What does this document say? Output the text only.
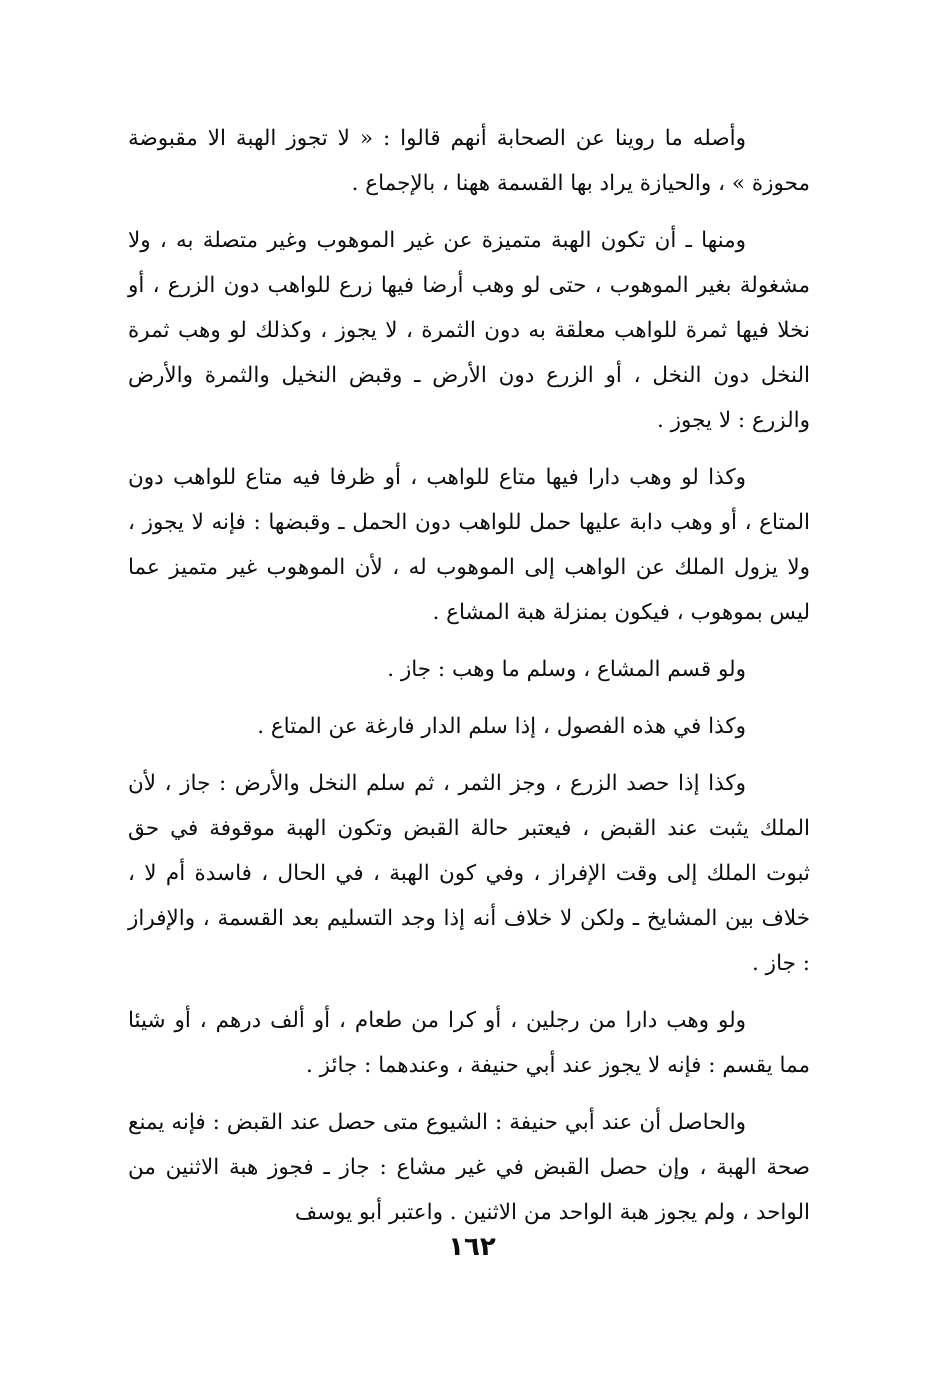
وأصله ما روينا عن الصحابة أنهم قالوا : « لا تجوز الهبة الا مقبوضة محوزة » ، والحيازة يراد بها القسمة ههنا ، بالإجماع .

ومنها ـ أن تكون الهبة متميزة عن غير الموهوب وغير متصلة به ، ولا مشغولة بغير الموهوب ، حتى لو وهب أرضا فيها زرع للواهب دون الزرع ، أو نخلا فيها ثمرة للواهب معلقة به دون الثمرة ، لا يجوز ، وكذلك لو وهب ثمرة النخل دون النخل ، أو الزرع دون الأرض ـ وقبض النخيل والثمرة والأرض والزرع : لا يجوز .

وكذا لو وهب دارا فيها متاع للواهب ، أو ظرفا فيه متاع للواهب دون المتاع ، أو وهب دابة عليها حمل للواهب دون الحمل ـ وقبضها : فإنه لا يجوز ، ولا يزول الملك عن الواهب إلى الموهوب له ، لأن الموهوب غير متميز عما ليس بموهوب ، فيكون بمنزلة هبة المشاع .

ولو قسم المشاع ، وسلم ما وهب : جاز .

وكذا في هذه الفصول ، إذا سلم الدار فارغة عن المتاع .

وكذا إذا حصد الزرع ، وجز الثمر ، ثم سلم النخل والأرض : جاز ، لأن الملك يثبت عند القبض ، فيعتبر حالة القبض وتكون الهبة موقوفة في حق ثبوت الملك إلى وقت الإفراز ، وفي كون الهبة ، في الحال ، فاسدة أم لا ، خلاف بين المشايخ ـ ولكن لا خلاف أنه إذا وجد التسليم بعد القسمة ، والإفراز : جاز .

ولو وهب دارا من رجلين ، أو كرا من طعام ، أو ألف درهم ، أو شيئا مما يقسم : فإنه لا يجوز عند أبي حنيفة ، وعندهما : جائز .

والحاصل أن عند أبي حنيفة : الشيوع متى حصل عند القبض : فإنه يمنع صحة الهبة ، وإن حصل القبض في غير مشاع : جاز ـ فجوز هبة الاثنين من الواحد ، ولم يجوز هبة الواحد من الاثنين . واعتبر أبو يوسف

١٦٢
